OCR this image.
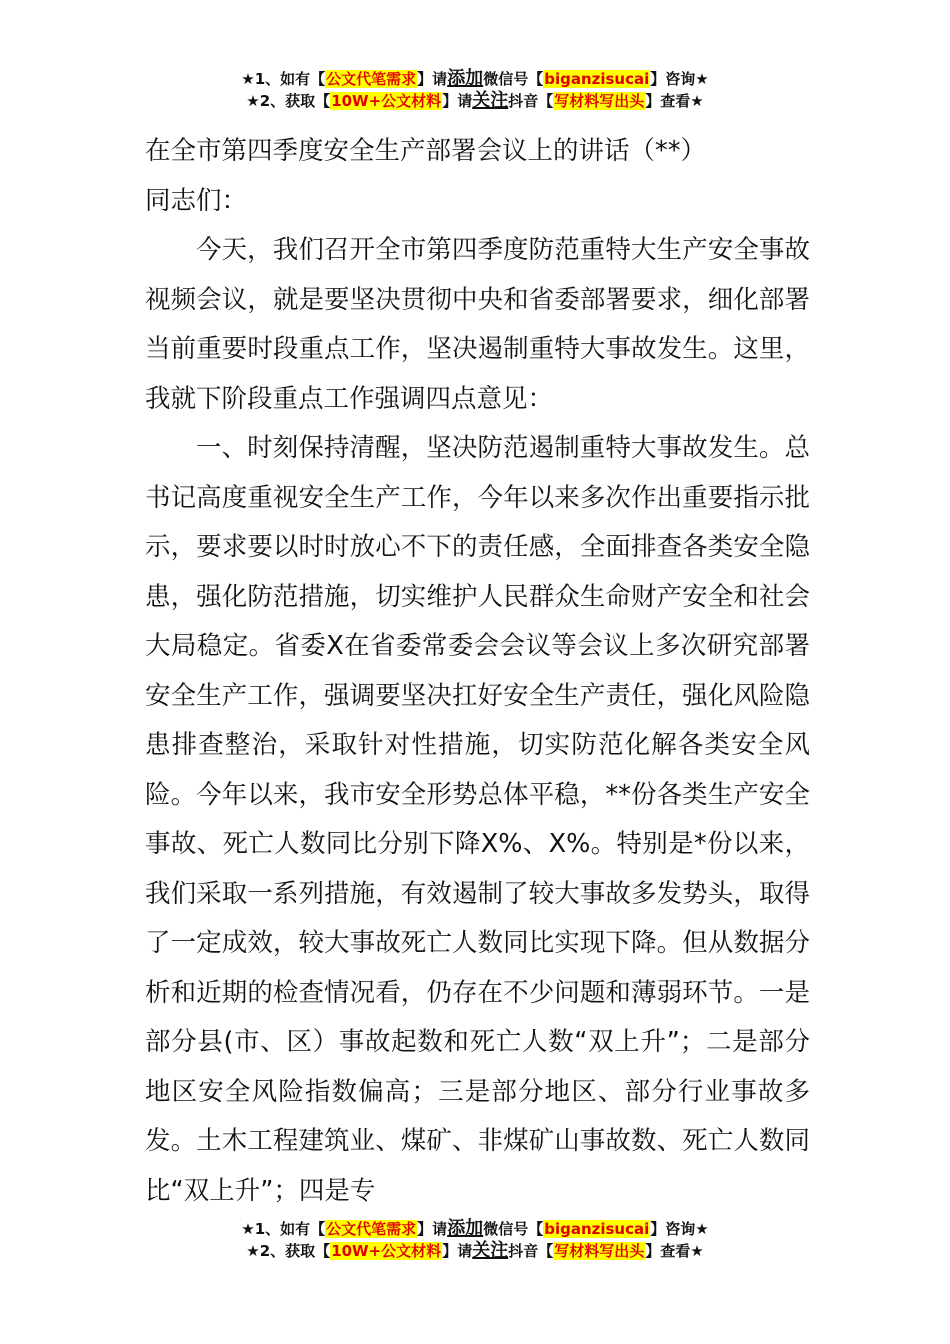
★1、如有【公文代笔需求】请添加微信号【biganzisucai】咨询★
★2、获取【10W+公文材料】请关注抖音【写材料写出头】查看★

在全市第四季度安全生产部署会议上的讲话（**）

同志们：

今天，我们召开全市第四季度防范重特大生产安全事故视频会议，就是要坚决贯彻中央和省委部署要求，细化部署当前重要时段重点工作，坚决遏制重特大事故发生。这里，我就下阶段重点工作强调四点意见：

一、时刻保持清醒，坚决防范遏制重特大事故发生。总书记高度重视安全生产工作，今年以来多次作出重要指示批示，要求要以时时放心不下的责任感，全面排查各类安全隐患，强化防范措施，切实维护人民群众生命财产安全和社会大局稳定。省委X在省委常委会会议等会议上多次研究部署安全生产工作，强调要坚决扛好安全生产责任，强化风险隐患排查整治，采取针对性措施，切实防范化解各类安全风险。今年以来，我市安全形势总体平稳，**份各类生产安全事故、死亡人数同比分别下降X%、X%。特别是*份以来，我们采取一系列措施，有效遏制了较大事故多发势头，取得了一定成效，较大事故死亡人数同比实现下降。但从数据分析和近期的检查情况看，仍存在不少问题和薄弱环节。一是部分县(市、区）事故起数和死亡人数“双上升”；二是部分地区安全风险指数偏高；三是部分地区、部分行业事故多发。土木工程建筑业、煤矿、非煤矿山事故数、死亡人数同比“双上升”；四是专

★1、如有【公文代笔需求】请添加微信号【biganzisucai】咨询★
★2、获取【10W+公文材料】请关注抖音【写材料写出头】查看★
